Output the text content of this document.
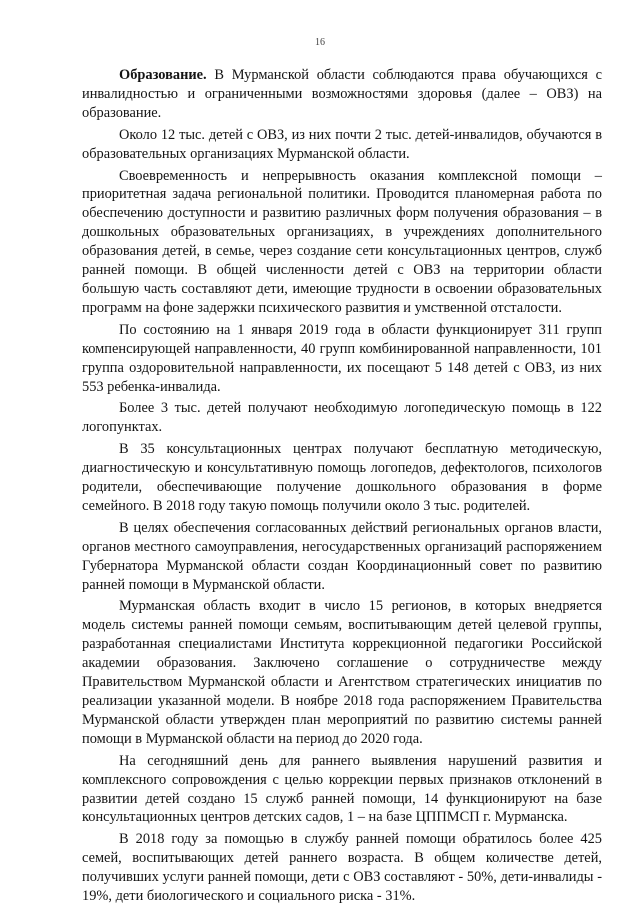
16

Образование. В Мурманской области соблюдаются права обучающихся с инвалидностью и ограниченными возможностями здоровья (далее – ОВЗ) на образование.

Около 12 тыс. детей с ОВЗ, из них почти 2 тыс. детей-инвалидов, обучаются в образовательных организациях Мурманской области.

Своевременность и непрерывность оказания комплексной помощи – приоритетная задача региональной политики. Проводится планомерная работа по обеспечению доступности и развитию различных форм получения образования – в дошкольных образовательных организациях, в учреждениях дополнительного образования детей, в семье, через создание сети консультационных центров, служб ранней помощи. В общей численности детей с ОВЗ на территории области большую часть составляют дети, имеющие трудности в освоении образовательных программ на фоне задержки психического развития и умственной отсталости.

По состоянию на 1 января 2019 года в области функционирует 311 групп компенсирующей направленности, 40 групп комбинированной направленности, 101 группа оздоровительной направленности, их посещают 5 148 детей с ОВЗ, из них 553 ребенка-инвалида.

Более 3 тыс. детей получают необходимую логопедическую помощь в 122 логопунктах.

В 35 консультационных центрах получают бесплатную методическую, диагностическую и консультативную помощь логопедов, дефектологов, психологов родители, обеспечивающие получение дошкольного образования в форме семейного. В 2018 году такую помощь получили около 3 тыс. родителей.

В целях обеспечения согласованных действий региональных органов власти, органов местного самоуправления, негосударственных организаций распоряжением Губернатора Мурманской области создан Координационный совет по развитию ранней помощи в Мурманской области.

Мурманская область входит в число 15 регионов, в которых внедряется модель системы ранней помощи семьям, воспитывающим детей целевой группы, разработанная специалистами Института коррекционной педагогики Российской академии образования. Заключено соглашение о сотрудничестве между Правительством Мурманской области и Агентством стратегических инициатив по реализации указанной модели. В ноябре 2018 года распоряжением Правительства Мурманской области утвержден план мероприятий по развитию системы ранней помощи в Мурманской области на период до 2020 года.

На сегодняшний день для раннего выявления нарушений развития и комплексного сопровождения с целью коррекции первых признаков отклонений в развитии детей создано 15 служб ранней помощи, 14 функционируют на базе консультационных центров детских садов, 1 – на базе ЦППМСП г. Мурманска.

В 2018 году за помощью в службу ранней помощи обратилось более 425 семей, воспитывающих детей раннего возраста. В общем количестве детей, получивших услуги ранней помощи, дети с ОВЗ составляют - 50%, дети-инвалиды - 19%, дети биологического и социального риска - 31%.
